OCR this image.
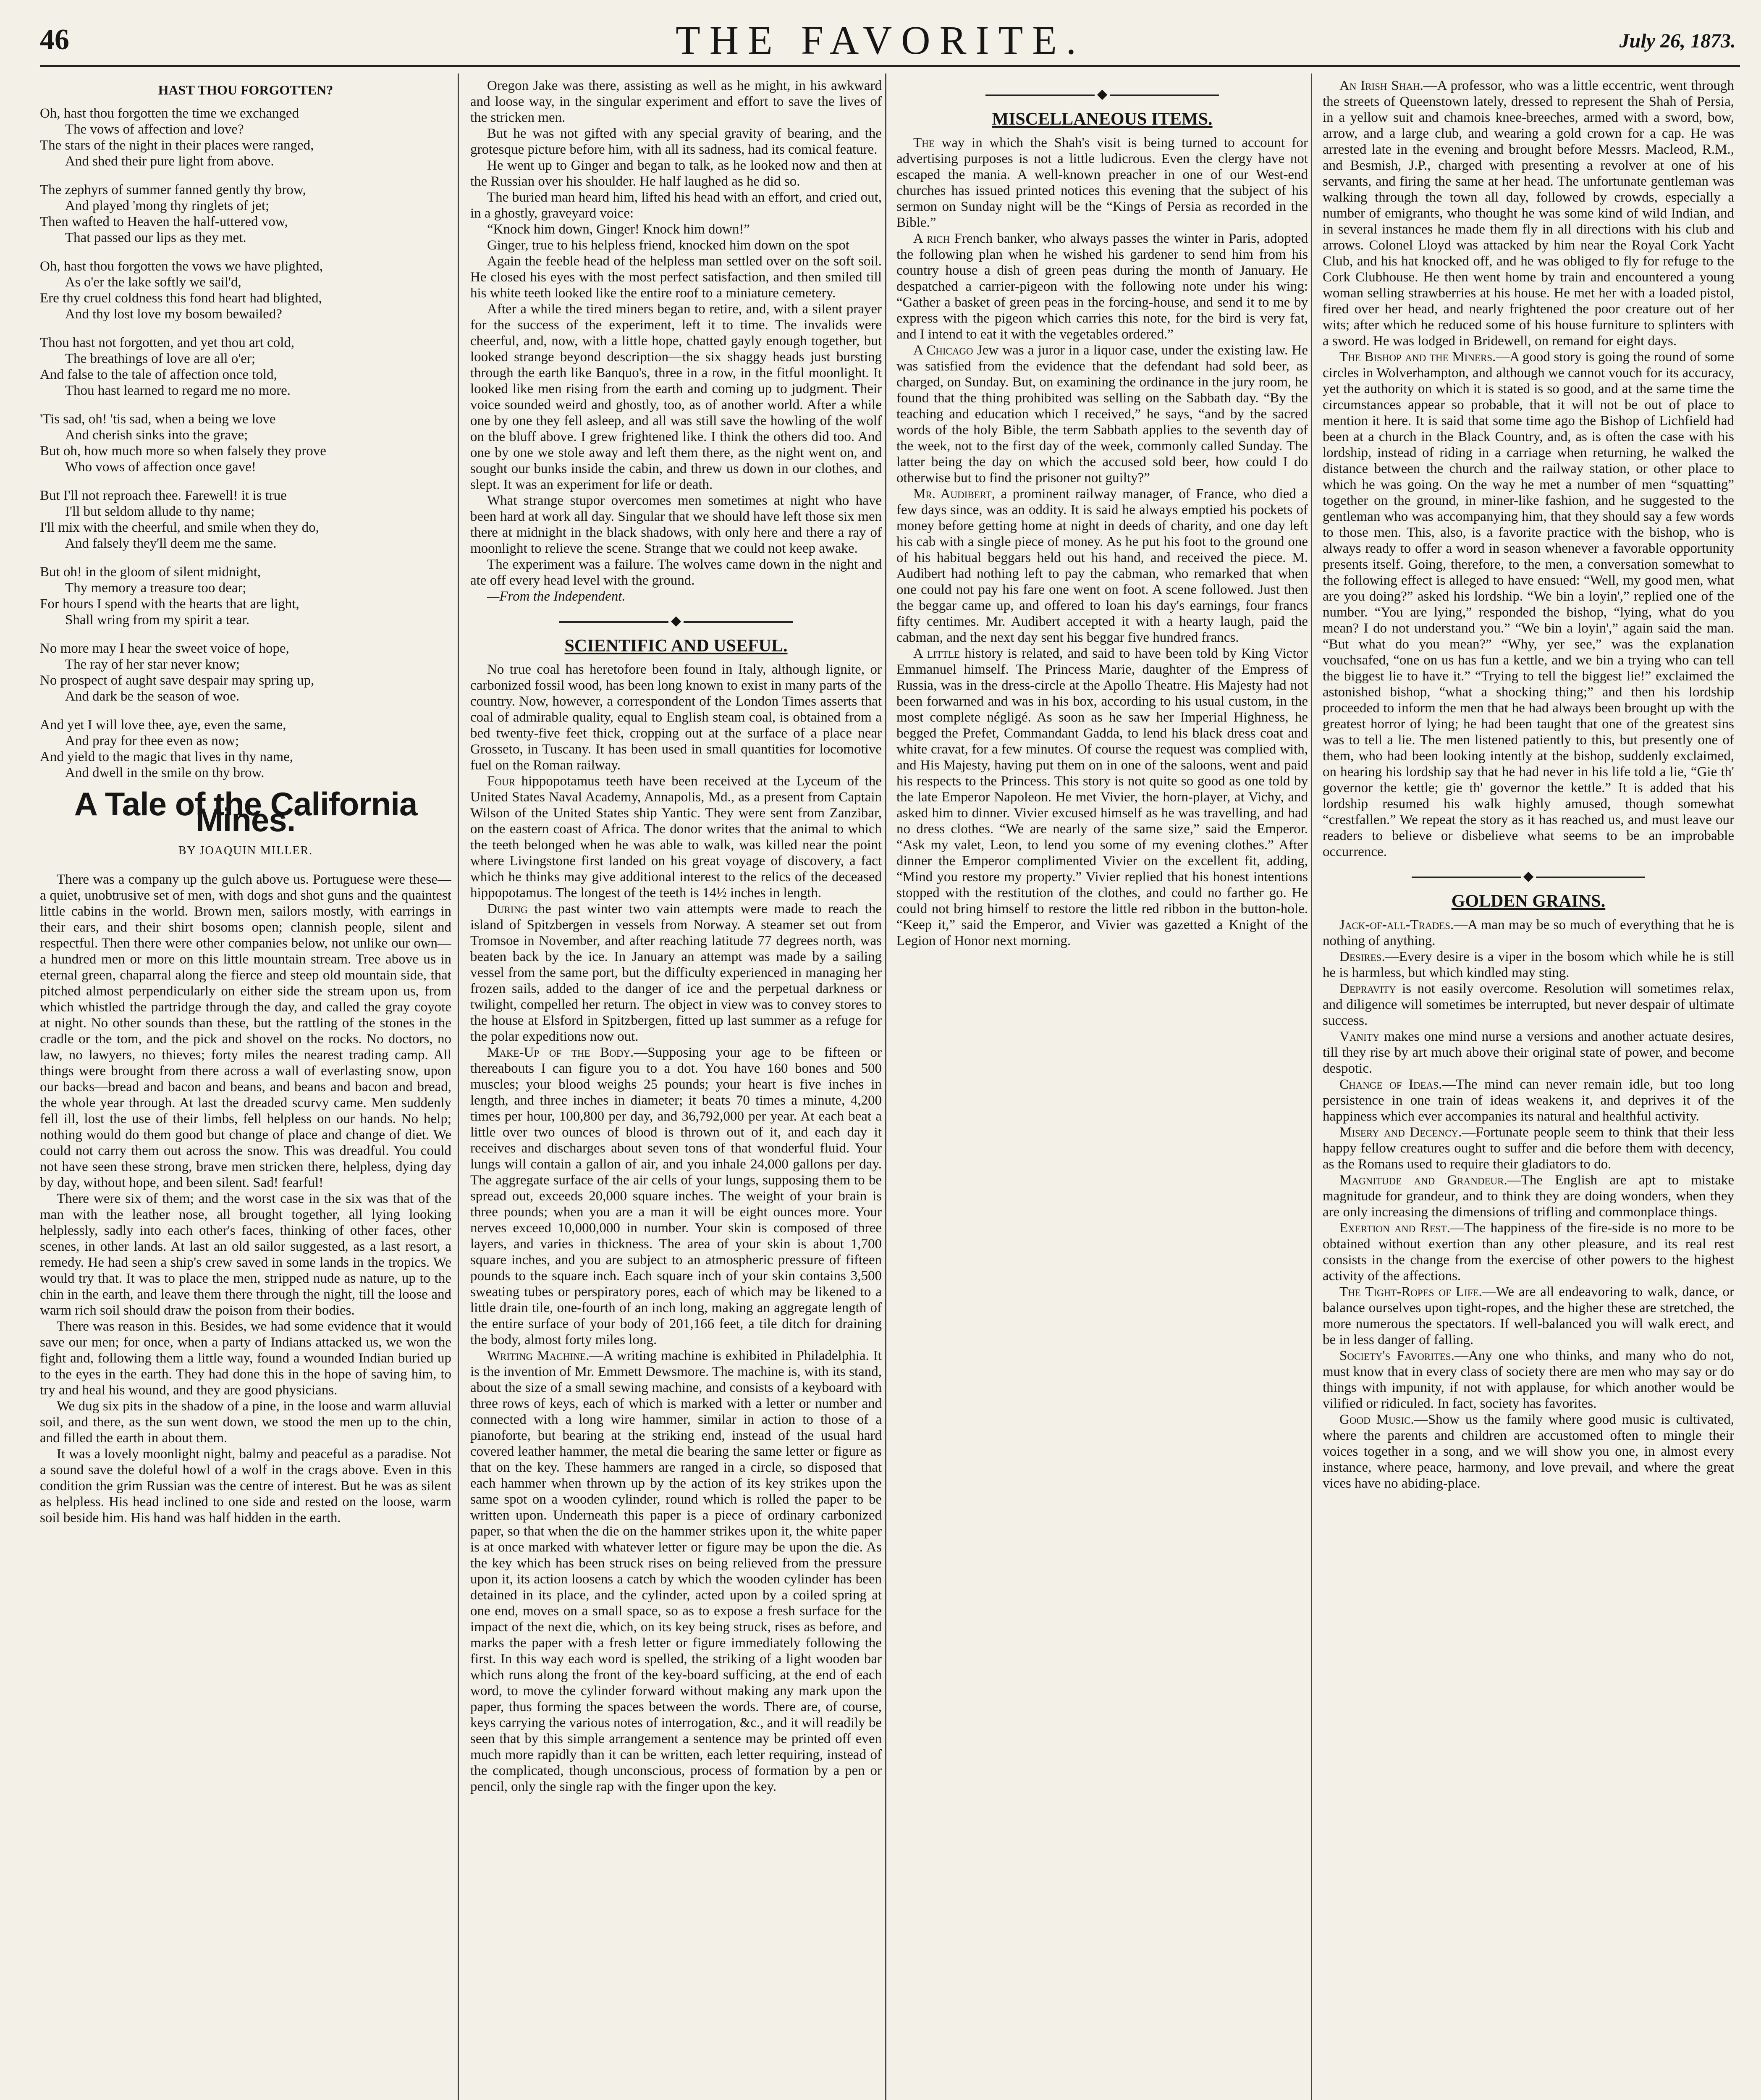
46	THE FAVORITE.	July 26, 1873.
HAST THOU FORGOTTEN?
Oh, hast thou forgotten the time we exchanged
The vows of affection and love?
The stars of the night in their places were ranged,
And shed their pure light from above.
The zephyrs of summer fanned gently thy brow,
And played 'mong thy ringlets of jet;
Then wafted to Heaven the half-uttered vow,
That passed our lips as they met.
Oh, hast thou forgotten the vows we have plighted,
As o'er the lake softly we sail'd,
Ere thy cruel coldness this fond heart had blighted,
And thy lost love my bosom bewailed?
Thou hast not forgotten, and yet thou art cold,
The breathings of love are all o'er;
And false to the tale of affection once told,
Thou hast learned to regard me no more.
'Tis sad, oh! 'tis sad, when a being we love
And cherish sinks into the grave;
But oh, how much more so when falsely they prove
Who vows of affection once gave!
But I'll not reproach thee. Farewell! it is true
I'll but seldom allude to thy name;
I'll mix with the cheerful, and smile when they do,
And falsely they'll deem me the same.
But oh! in the gloom of silent midnight,
Thy memory a treasure too dear;
For hours I spend with the hearts that are light,
Shall wring from my spirit a tear.
No more may I hear the sweet voice of hope,
The ray of her star never know;
No prospect of aught save despair may spring up,
And dark be the season of woe.
And yet I will love thee, aye, even the same,
And pray for thee even as now;
And yield to the magic that lives in thy name,
And dwell in the smile on thy brow.
A Tale of the California Mines.
BY JOAQUIN MILLER.

There was a company up the gulch above us. Portuguese were these—a quiet, unobtrusive set of men, with dogs and shot guns and the quaintest little cabins in the world. Brown men, sailors mostly, with earrings in their ears, and their shirt bosoms open; clannish people, silent and respectful. Then there were other companies below, not unlike our own—a hundred men or more on this little mountain stream. Tree above us in eternal green, chaparral along the fierce and steep old mountain side, that pitched almost perpendicularly on either side the stream upon us, from which whistled the partridge through the day, and called the gray coyote at night. No other sounds than these, but the rattling of the stones in the cradle or the tom, and the pick and shovel on the rocks. No doctors, no law, no lawyers, no thieves; forty miles the nearest trading camp. All things were brought from there across a wall of everlasting snow, upon our backs—bread and bacon and beans, and beans and bacon and bread, the whole year through. At last the dreaded scurvy came. Men suddenly fell ill, lost the use of their limbs, fell helpless on our hands. No help; nothing would do them good but change of place and change of diet. We could not carry them out across the snow. This was dreadful. You could not have seen these strong, brave men stricken there, helpless, dying day by day, without hope, and been silent. Sad! fearful!

There were six of them; and the worst case in the six was that of the man with the leather nose, all brought together, all lying looking helplessly, sadly into each other's faces, thinking of other faces, other scenes, in other lands. At last an old sailor suggested, as a last resort, a remedy. He had seen a ship's crew saved in some lands in the tropics. We would try that. It was to place the men, stripped nude as nature, up to the chin in the earth, and leave them there through the night, till the loose and warm rich soil should draw the poison from their bodies.

There was reason in this. Besides, we had some evidence that it would save our men; for once, when a party of Indians attacked us, we won the fight and, following them a little way, found a wounded Indian buried up to the eyes in the earth. They had done this in the hope of saving him, to try and heal his wound, and they are good physicians.

We dug six pits in the shadow of a pine, in the loose and warm alluvial soil, and there, as the sun went down, we stood the men up to the chin, and filled the earth in about them.

It was a lovely moonlight night, balmy and peaceful as a paradise. Not a sound save the doleful howl of a wolf in the crags above. Even in this condition the grim Russian was the centre of interest. But he was as silent as helpless. His head inclined to one side and rested on the loose, warm soil beside him. His hand was half hidden in the earth.

Oregon Jake was there, assisting as well as he might, in his awkward and loose way, in the singular experiment and effort to save the lives of the stricken men.

But he was not gifted with any special gravity of bearing, and the grotesque picture before him, with all its sadness, had its comical feature.

He went up to Ginger and began to talk, as he looked now and then at the Russian over his shoulder. He half laughed as he did so.

The buried man heard him, lifted his head with an effort, and cried out, in a ghostly, graveyard voice:

“Knock him down, Ginger! Knock him down!”

Ginger, true to his helpless friend, knocked him down on the spot

Again the feeble head of the helpless man settled over on the soft soil. He closed his eyes with the most perfect satisfaction, and then smiled till his white teeth looked like the entire roof to a miniature cemetery.

After a while the tired miners began to retire, and, with a silent prayer for the success of the experiment, left it to time. The invalids were cheerful, and, now, with a little hope, chatted gayly enough together, but looked strange beyond description—the six shaggy heads just bursting through the earth like Banquo's, three in a row, in the fitful moonlight. It looked like men rising from the earth and coming up to judgment. Their voice sounded weird and ghostly, too, as of another world. After a while one by one they fell asleep, and all was still save the howling of the wolf on the bluff above. I grew frightened like. I think the others did too. And one by one we stole away and left them there, as the night went on, and sought our bunks inside the cabin, and threw us down in our clothes, and slept. It was an experiment for life or death.

What strange stupor overcomes men sometimes at night who have been hard at work all day. Singular that we should have left those six men there at midnight in the black shadows, with only here and there a ray of moonlight to relieve the scene. Strange that we could not keep awake.

The experiment was a failure. The wolves came down in the night and ate off every head level with the ground.

—From the Independent.

◆
SCIENTIFIC AND USEFUL.

No true coal has heretofore been found in Italy, although lignite, or carbonized fossil wood, has been long known to exist in many parts of the country. Now, however, a correspondent of the London Times asserts that coal of admirable quality, equal to English steam coal, is obtained from a bed twenty-five feet thick, cropping out at the surface of a place near Grosseto, in Tuscany. It has been used in small quantities for locomotive fuel on the Roman railway.

Four hippopotamus teeth have been received at the Lyceum of the United States Naval Academy, Annapolis, Md., as a present from Captain Wilson of the United States ship Yantic. They were sent from Zanzibar, on the eastern coast of Africa. The donor writes that the animal to which the teeth belonged when he was able to walk, was killed near the point where Livingstone first landed on his great voyage of discovery, a fact which he thinks may give additional interest to the relics of the deceased hippopotamus. The longest of the teeth is 14½ inches in length.

During the past winter two vain attempts were made to reach the island of Spitzbergen in vessels from Norway. A steamer set out from Tromsoe in November, and after reaching latitude 77 degrees north, was beaten back by the ice. In January an attempt was made by a sailing vessel from the same port, but the difficulty experienced in managing her frozen sails, added to the danger of ice and the perpetual darkness or twilight, compelled her return. The object in view was to convey stores to the house at Elsford in Spitzbergen, fitted up last summer as a refuge for the polar expeditions now out.

Make-Up of the Body.—Supposing your age to be fifteen or thereabouts I can figure you to a dot. You have 160 bones and 500 muscles; your blood weighs 25 pounds; your heart is five inches in length, and three inches in diameter; it beats 70 times a minute, 4,200 times per hour, 100,800 per day, and 36,792,000 per year. At each beat a little over two ounces of blood is thrown out of it, and each day it receives and discharges about seven tons of that wonderful fluid. Your lungs will contain a gallon of air, and you inhale 24,000 gallons per day. The aggregate surface of the air cells of your lungs, supposing them to be spread out, exceeds 20,000 square inches. The weight of your brain is three pounds; when you are a man it will be eight ounces more. Your nerves exceed 10,000,000 in number. Your skin is composed of three layers, and varies in thickness. The area of your skin is about 1,700 square inches, and you are subject to an atmospheric pressure of fifteen pounds to the square inch. Each square inch of your skin contains 3,500 sweating tubes or perspiratory pores, each of which may be likened to a little drain tile, one-fourth of an inch long, making an aggregate length of the entire surface of your body of 201,166 feet, a tile ditch for draining the body, almost forty miles long.

Writing Machine.—A writing machine is exhibited in Philadelphia. It is the invention of Mr. Emmett Dewsmore. The machine is, with its stand, about the size of a small sewing machine, and consists of a keyboard with three rows of keys, each of which is marked with a letter or number and connected with a long wire hammer, similar in action to those of a pianoforte, but bearing at the striking end, instead of the usual hard covered leather hammer, the metal die bearing the same letter or figure as that on the key. These hammers are ranged in a circle, so disposed that each hammer when thrown up by the action of its key strikes upon the same spot on a wooden cylinder, round which is rolled the paper to be written upon. Underneath this paper is a piece of ordinary carbonized paper, so that when the die on the hammer strikes upon it, the white paper is at once marked with whatever letter or figure may be upon the die. As the key which has been struck rises on being relieved from the pressure upon it, its action loosens a catch by which the wooden cylinder has been detained in its place, and the cylinder, acted upon by a coiled spring at one end, moves on a small space, so as to expose a fresh surface for the impact of the next die, which, on its key being struck, rises as before, and marks the paper with a fresh letter or figure immediately following the first. In this way each word is spelled, the striking of a light wooden bar which runs along the front of the key-board sufficing, at the end of each word, to move the cylinder forward without making any mark upon the paper, thus forming the spaces between the words. There are, of course, keys carrying the various notes of interrogation, &c., and it will readily be seen that by this simple arrangement a sentence may be printed off even much more rapidly than it can be written, each letter requiring, instead of the complicated, though unconscious, process of formation by a pen or pencil, only the single rap with the finger upon the key.

◆
MISCELLANEOUS ITEMS.

The way in which the Shah's visit is being turned to account for advertising purposes is not a little ludicrous. Even the clergy have not escaped the mania. A well-known preacher in one of our West-end churches has issued printed notices this evening that the subject of his sermon on Sunday night will be the “Kings of Persia as recorded in the Bible.”

A rich French banker, who always passes the winter in Paris, adopted the following plan when he wished his gardener to send him from his country house a dish of green peas during the month of January. He despatched a carrier-pigeon with the following note under his wing: “Gather a basket of green peas in the forcing-house, and send it to me by express with the pigeon which carries this note, for the bird is very fat, and I intend to eat it with the vegetables ordered.”

A Chicago Jew was a juror in a liquor case, under the existing law. He was satisfied from the evidence that the defendant had sold beer, as charged, on Sunday. But, on examining the ordinance in the jury room, he found that the thing prohibited was selling on the Sabbath day. “By the teaching and education which I received,” he says, “and by the sacred words of the holy Bible, the term Sabbath applies to the seventh day of the week, not to the first day of the week, commonly called Sunday. The latter being the day on which the accused sold beer, how could I do otherwise but to find the prisoner not guilty?”

Mr. Audibert, a prominent railway manager, of France, who died a few days since, was an oddity. It is said he always emptied his pockets of money before getting home at night in deeds of charity, and one day left his cab with a single piece of money. As he put his foot to the ground one of his habitual beggars held out his hand, and received the piece. M. Audibert had nothing left to pay the cabman, who remarked that when one could not pay his fare one went on foot. A scene followed. Just then the beggar came up, and offered to loan his day's earnings, four francs fifty centimes. Mr. Audibert accepted it with a hearty laugh, paid the cabman, and the next day sent his beggar five hundred francs.

A little history is related, and said to have been told by King Victor Emmanuel himself. The Princess Marie, daughter of the Empress of Russia, was in the dress-circle at the Apollo Theatre. His Majesty had not been forwarned and was in his box, according to his usual custom, in the most complete négligé. As soon as he saw her Imperial Highness, he begged the Prefet, Commandant Gadda, to lend his black dress coat and white cravat, for a few minutes. Of course the request was complied with, and His Majesty, having put them on in one of the saloons, went and paid his respects to the Princess. This story is not quite so good as one told by the late Emperor Napoleon. He met Vivier, the horn-player, at Vichy, and asked him to dinner. Vivier excused himself as he was travelling, and had no dress clothes. “We are nearly of the same size,” said the Emperor. “Ask my valet, Leon, to lend you some of my evening clothes.” After dinner the Emperor complimented Vivier on the excellent fit, adding, “Mind you restore my property.” Vivier replied that his honest intentions stopped with the restitution of the clothes, and could no farther go. He could not bring himself to restore the little red ribbon in the button-hole. “Keep it,” said the Emperor, and Vivier was gazetted a Knight of the Legion of Honor next morning.

An Irish Shah.—A professor, who was a little eccentric, went through the streets of Queenstown lately, dressed to represent the Shah of Persia, in a yellow suit and chamois knee-breeches, armed with a sword, bow, arrow, and a large club, and wearing a gold crown for a cap. He was arrested late in the evening and brought before Messrs. Macleod, R.M., and Besmish, J.P., charged with presenting a revolver at one of his servants, and firing the same at her head. The unfortunate gentleman was walking through the town all day, followed by crowds, especially a number of emigrants, who thought he was some kind of wild Indian, and in several instances he made them fly in all directions with his club and arrows. Colonel Lloyd was attacked by him near the Royal Cork Yacht Club, and his hat knocked off, and he was obliged to fly for refuge to the Cork Clubhouse. He then went home by train and encountered a young woman selling strawberries at his house. He met her with a loaded pistol, fired over her head, and nearly frightened the poor creature out of her wits; after which he reduced some of his house furniture to splinters with a sword. He was lodged in Bridewell, on remand for eight days.

The Bishop and the Miners.—A good story is going the round of some circles in Wolverhampton, and although we cannot vouch for its accuracy, yet the authority on which it is stated is so good, and at the same time the circumstances appear so probable, that it will not be out of place to mention it here. It is said that some time ago the Bishop of Lichfield had been at a church in the Black Country, and, as is often the case with his lordship, instead of riding in a carriage when returning, he walked the distance between the church and the railway station, or other place to which he was going. On the way he met a number of men “squatting” together on the ground, in miner-like fashion, and he suggested to the gentleman who was accompanying him, that they should say a few words to those men. This, also, is a favorite practice with the bishop, who is always ready to offer a word in season whenever a favorable opportunity presents itself. Going, therefore, to the men, a conversation somewhat to the following effect is alleged to have ensued: “Well, my good men, what are you doing?” asked his lordship. “We bin a loyin',” replied one of the number. “You are lying,” responded the bishop, “lying, what do you mean? I do not understand you.” “We bin a loyin',” again said the man. “But what do you mean?” “Why, yer see,” was the explanation vouchsafed, “one on us has fun a kettle, and we bin a trying who can tell the biggest lie to have it.” “Trying to tell the biggest lie!” exclaimed the astonished bishop, “what a shocking thing;” and then his lordship proceeded to inform the men that he had always been brought up with the greatest horror of lying; he had been taught that one of the greatest sins was to tell a lie. The men listened patiently to this, but presently one of them, who had been looking intently at the bishop, suddenly exclaimed, on hearing his lordship say that he had never in his life told a lie, “Gie th' governor the kettle; gie th' governor the kettle.” It is added that his lordship resumed his walk highly amused, though somewhat “crestfallen.” We repeat the story as it has reached us, and must leave our readers to believe or disbelieve what seems to be an improbable occurrence.

◆
GOLDEN GRAINS.

Jack-of-all-Trades.—A man may be so much of everything that he is nothing of anything.

Desires.—Every desire is a viper in the bosom which while he is still he is harmless, but which kindled may sting.

Depravity is not easily overcome. Resolution will sometimes relax, and diligence will sometimes be interrupted, but never despair of ultimate success.

Vanity makes one mind nurse a versions and another actuate desires, till they rise by art much above their original state of power, and become despotic.

Change of Ideas.—The mind can never remain idle, but too long persistence in one train of ideas weakens it, and deprives it of the happiness which ever accompanies its natural and healthful activity.

Misery and Decency.—Fortunate people seem to think that their less happy fellow creatures ought to suffer and die before them with decency, as the Romans used to require their gladiators to do.

Magnitude and Grandeur.—The English are apt to mistake magnitude for grandeur, and to think they are doing wonders, when they are only increasing the dimensions of trifling and commonplace things.

Exertion and Rest.—The happiness of the fire-side is no more to be obtained without exertion than any other pleasure, and its real rest consists in the change from the exercise of other powers to the highest activity of the affections.

The Tight-Ropes of Life.—We are all endeavoring to walk, dance, or balance ourselves upon tight-ropes, and the higher these are stretched, the more numerous the spectators. If well-balanced you will walk erect, and be in less danger of falling.

Society's Favorites.—Any one who thinks, and many who do not, must know that in every class of society there are men who may say or do things with impunity, if not with applause, for which another would be vilified or ridiculed. In fact, society has favorites.

Good Music.—Show us the family where good music is cultivated, where the parents and children are accustomed often to mingle their voices together in a song, and we will show you one, in almost every instance, where peace, harmony, and love prevail, and where the great vices have no abiding-place.
